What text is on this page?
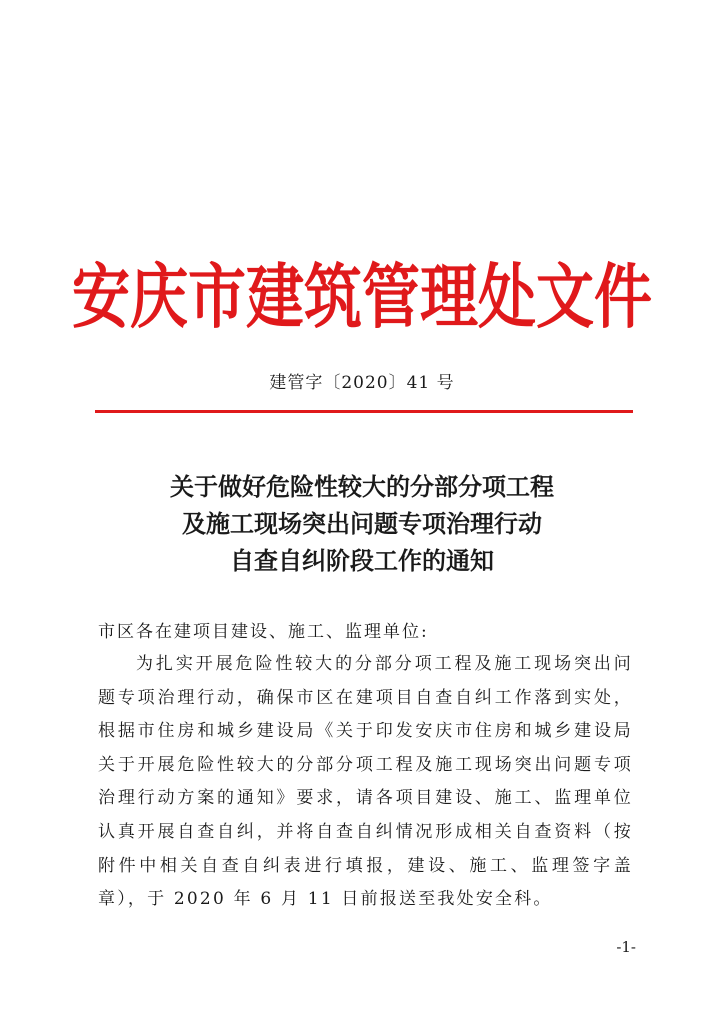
安庆市建筑管理处文件
建管字〔2020〕41 号
关于做好危险性较大的分部分项工程
及施工现场突出问题专项治理行动
自查自纠阶段工作的通知
市区各在建项目建设、施工、监理单位:

为扎实开展危险性较大的分部分项工程及施工现场突出问题专项治理行动，确保市区在建项目自查自纠工作落到实处，根据市住房和城乡建设局《关于印发安庆市住房和城乡建设局关于开展危险性较大的分部分项工程及施工现场突出问题专项治理行动方案的通知》要求，请各项目建设、施工、监理单位认真开展自查自纠，并将自查自纠情况形成相关自查资料（按附件中相关自查自纠表进行填报，建设、施工、监理签字盖章），于 2020 年 6 月 11 日前报送至我处安全科。

-1-
